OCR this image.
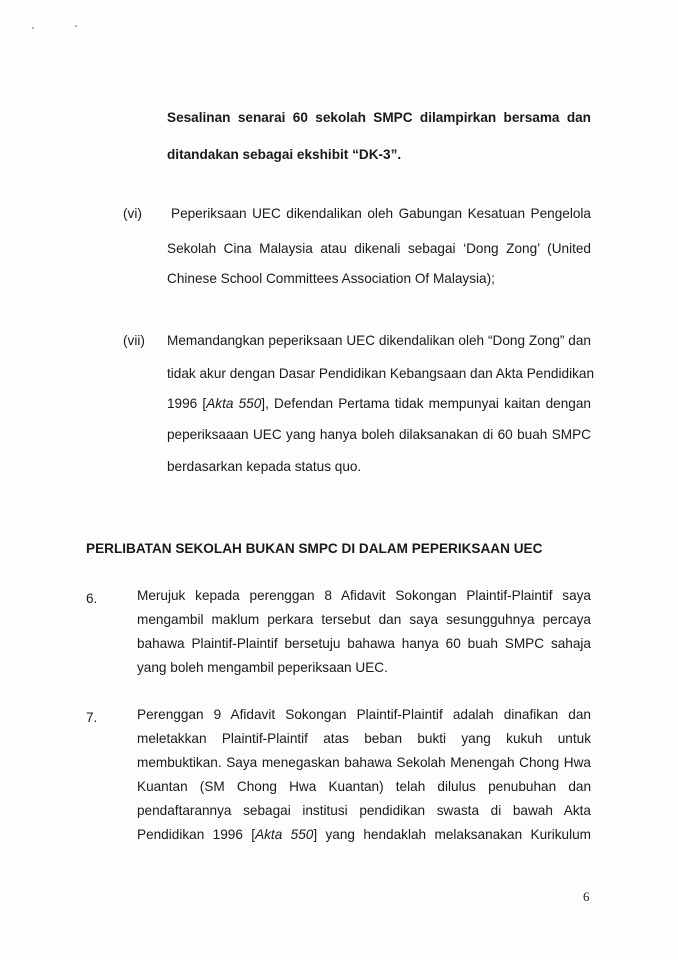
Sesalinan senarai 60 sekolah SMPC dilampirkan bersama dan
ditandakan sebagai ekshibit “DK-3”.
(vi) Peperiksaan UEC dikendalikan oleh Gabungan Kesatuan Pengelola
Sekolah Cina Malaysia atau dikenali sebagai ‘Dong Zong’ (United
Chinese School Committees Association Of Malaysia);
(vii) Memandangkan peperiksaan UEC dikendalikan oleh “Dong Zong” dan
tidak akur dengan Dasar Pendidikan Kebangsaan dan Akta Pendidikan
1996 [Akta 550], Defendan Pertama tidak mempunyai kaitan dengan
peperiksaaan UEC yang hanya boleh dilaksanakan di 60 buah SMPC
berdasarkan kepada status quo.
PERLIBATAN SEKOLAH BUKAN SMPC DI DALAM PEPERIKSAAN UEC
6.	Merujuk kepada perenggan 8 Afidavit Sokongan Plaintif-Plaintif saya
mengambil maklum perkara tersebut dan saya sesungguhnya percaya
bahawa Plaintif-Plaintif bersetuju bahawa hanya 60 buah SMPC sahaja
yang boleh mengambil peperiksaan UEC.
7.	Perenggan 9 Afidavit Sokongan Plaintif-Plaintif adalah dinafikan dan
meletakkan Plaintif-Plaintif atas beban bukti yang kukuh untuk
membuktikan. Saya menegaskan bahawa Sekolah Menengah Chong Hwa
Kuantan (SM Chong Hwa Kuantan) telah dilulus penubuhan dan
pendaftarannya sebagai institusi pendidikan swasta di bawah Akta
Pendidikan 1996 [Akta 550] yang hendaklah melaksanakan Kurikulum
6
